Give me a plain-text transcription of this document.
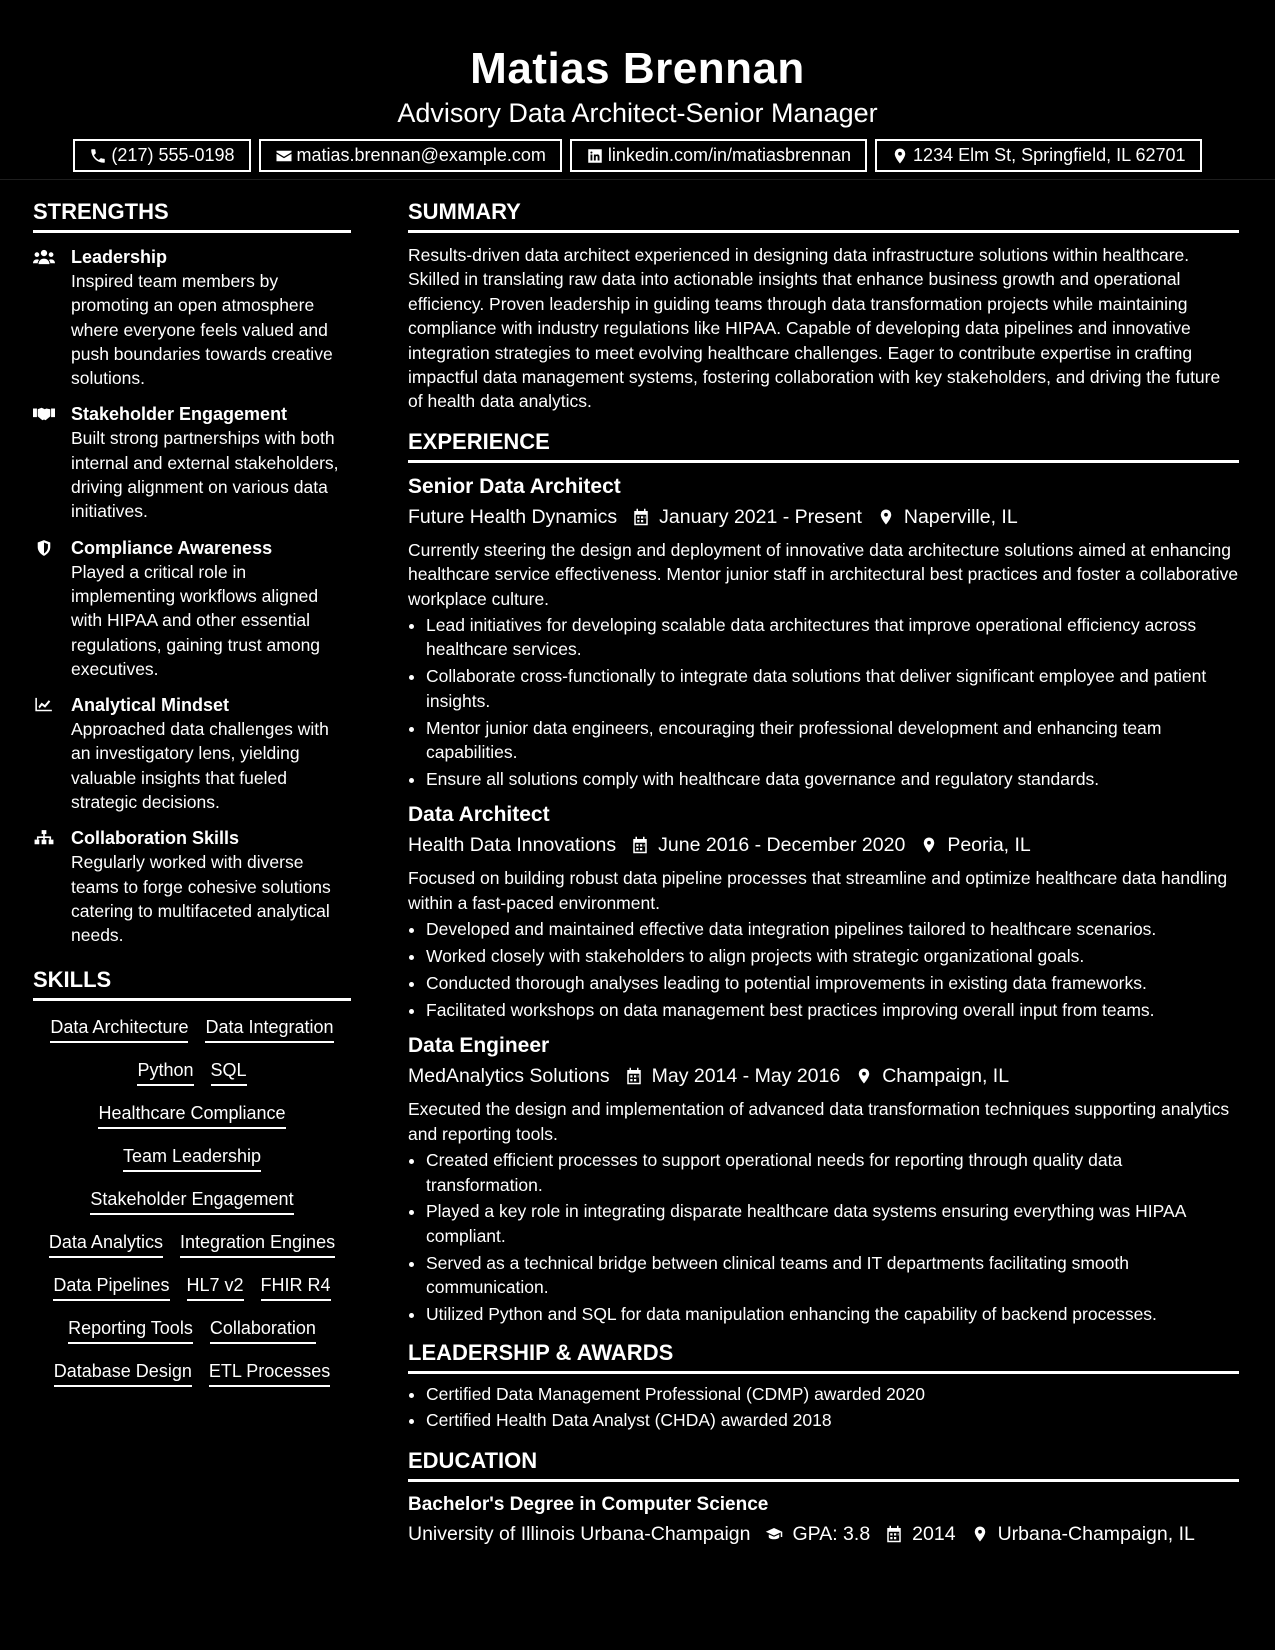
Matias Brennan
Advisory Data Architect-Senior Manager
(217) 555-0198	matias.brennan@example.com	linkedin.com/in/matiasbrennan	1234 Elm St, Springfield, IL 62701
STRENGTHS
Leadership
Inspired team members by promoting an open atmosphere where everyone feels valued and push boundaries towards creative solutions.
Stakeholder Engagement
Built strong partnerships with both internal and external stakeholders, driving alignment on various data initiatives.
Compliance Awareness
Played a critical role in implementing workflows aligned with HIPAA and other essential regulations, gaining trust among executives.
Analytical Mindset
Approached data challenges with an investigatory lens, yielding valuable insights that fueled strategic decisions.
Collaboration Skills
Regularly worked with diverse teams to forge cohesive solutions catering to multifaceted analytical needs.
SKILLS
Data Architecture Data Integration
Python SQL
Healthcare Compliance
Team Leadership
Stakeholder Engagement
Data Analytics Integration Engines
Data Pipelines HL7 v2 FHIR R4
Reporting Tools Collaboration
Database Design ETL Processes
SUMMARY
Results-driven data architect experienced in designing data infrastructure solutions within healthcare. Skilled in translating raw data into actionable insights that enhance business growth and operational efficiency. Proven leadership in guiding teams through data transformation projects while maintaining compliance with industry regulations like HIPAA. Capable of developing data pipelines and innovative integration strategies to meet evolving healthcare challenges. Eager to contribute expertise in crafting impactful data management systems, fostering collaboration with key stakeholders, and driving the future of health data analytics.
EXPERIENCE
Senior Data Architect
Future Health Dynamics January 2021 - Present Naperville, IL
Currently steering the design and deployment of innovative data architecture solutions aimed at enhancing healthcare service effectiveness. Mentor junior staff in architectural best practices and foster a collaborative workplace culture.
• Lead initiatives for developing scalable data architectures that improve operational efficiency across healthcare services.
• Collaborate cross-functionally to integrate data solutions that deliver significant employee and patient insights.
• Mentor junior data engineers, encouraging their professional development and enhancing team capabilities.
• Ensure all solutions comply with healthcare data governance and regulatory standards.
Data Architect
Health Data Innovations June 2016 - December 2020 Peoria, IL
Focused on building robust data pipeline processes that streamline and optimize healthcare data handling within a fast-paced environment.
• Developed and maintained effective data integration pipelines tailored to healthcare scenarios.
• Worked closely with stakeholders to align projects with strategic organizational goals.
• Conducted thorough analyses leading to potential improvements in existing data frameworks.
• Facilitated workshops on data management best practices improving overall input from teams.
Data Engineer
MedAnalytics Solutions May 2014 - May 2016 Champaign, IL
Executed the design and implementation of advanced data transformation techniques supporting analytics and reporting tools.
• Created efficient processes to support operational needs for reporting through quality data transformation.
• Played a key role in integrating disparate healthcare data systems ensuring everything was HIPAA compliant.
• Served as a technical bridge between clinical teams and IT departments facilitating smooth communication.
• Utilized Python and SQL for data manipulation enhancing the capability of backend processes.
LEADERSHIP & AWARDS
• Certified Data Management Professional (CDMP) awarded 2020
• Certified Health Data Analyst (CHDA) awarded 2018
EDUCATION
Bachelor's Degree in Computer Science
University of Illinois Urbana-Champaign GPA: 3.8 2014 Urbana-Champaign, IL
